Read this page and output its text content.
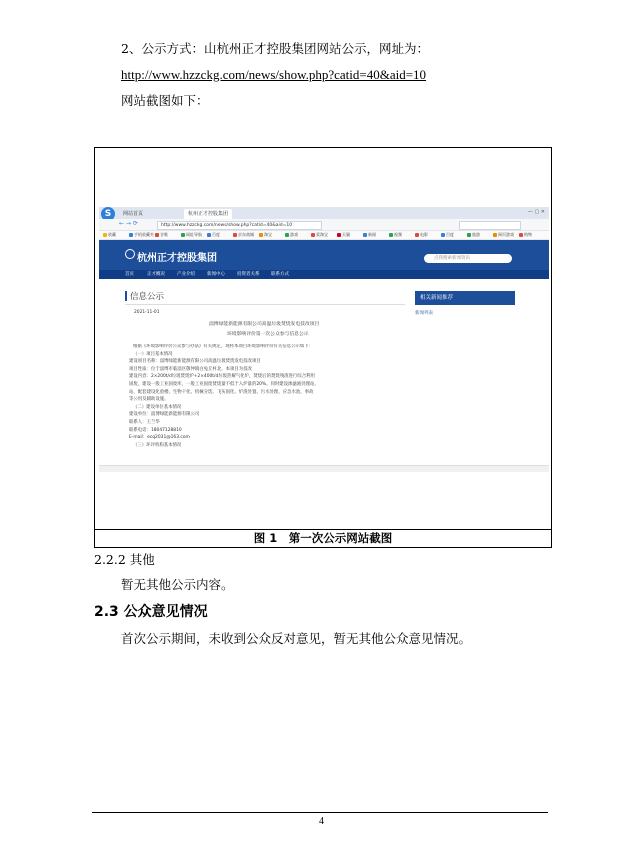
2、公示方式：山杭州正才控股集团网站公示，网址为：
http://www.hzzckg.com/news/show.php?catid=40&aid=10
网站截图如下：
S	网站首页	杭州正才控股集团	— ▢ ✕
← → ⟳	http://www.hzzckg.com/news/show.php?catid=40&aid=10
收藏	手机收藏夹	谷歌	网址导航	百度	京东商城	淘宝	游戏	爱淘宝	天猫	新闻	视频	电影	百度	旅游	网页游戏	购物
杭州正才控股集团	点我搜索新闻资讯
首页	正才概况	产业介绍	新闻中心	投资者关系	联系方式
信息公示
2021-11-01
淄博绿能新能源有限公司高温垃圾焚烧发电技改项目
环境影响评价第一次公众参与信息公示
根据《环境影响评价公众参与办法》有关规定，现将本项目环境影响评价有关信息公示如下：
（一）项目基本情况
建设项目名称：淄博绿能新能源有限公司高温垃圾焚烧发电技改项目
项目性质：位于淄博市临淄区敬仲镇白兔丘村北，本项目为技改
建设内容：2×200t/d垃圾焚烧炉+2×400t/d垃圾热解气化炉，焚烧后的焚烧残渣进行综合利用
固废，建设一般工业固废库，一般工业固废焚烧量不低于入炉量的20%。同时建设渗滤液处理站、
站，配套建设化验楼、生物干化、机械分选、飞灰固化、炉渣处置、污水处理、应急水池、事故
等公用及辅助设施。
（二）建设单位基本情况
建设单位：淄博绿能新能源有限公司
联系人：王兰华
联系电话：18047128810
E-mail：ecq2031@163.com
（三）环评机构基本情况
相关新闻推荐
新闻列表
图 1　第一次公示网站截图
2.2.2 其他
暂无其他公示内容。
2.3 公众意见情况
首次公示期间，未收到公众反对意见，暂无其他公众意见情况。
4
